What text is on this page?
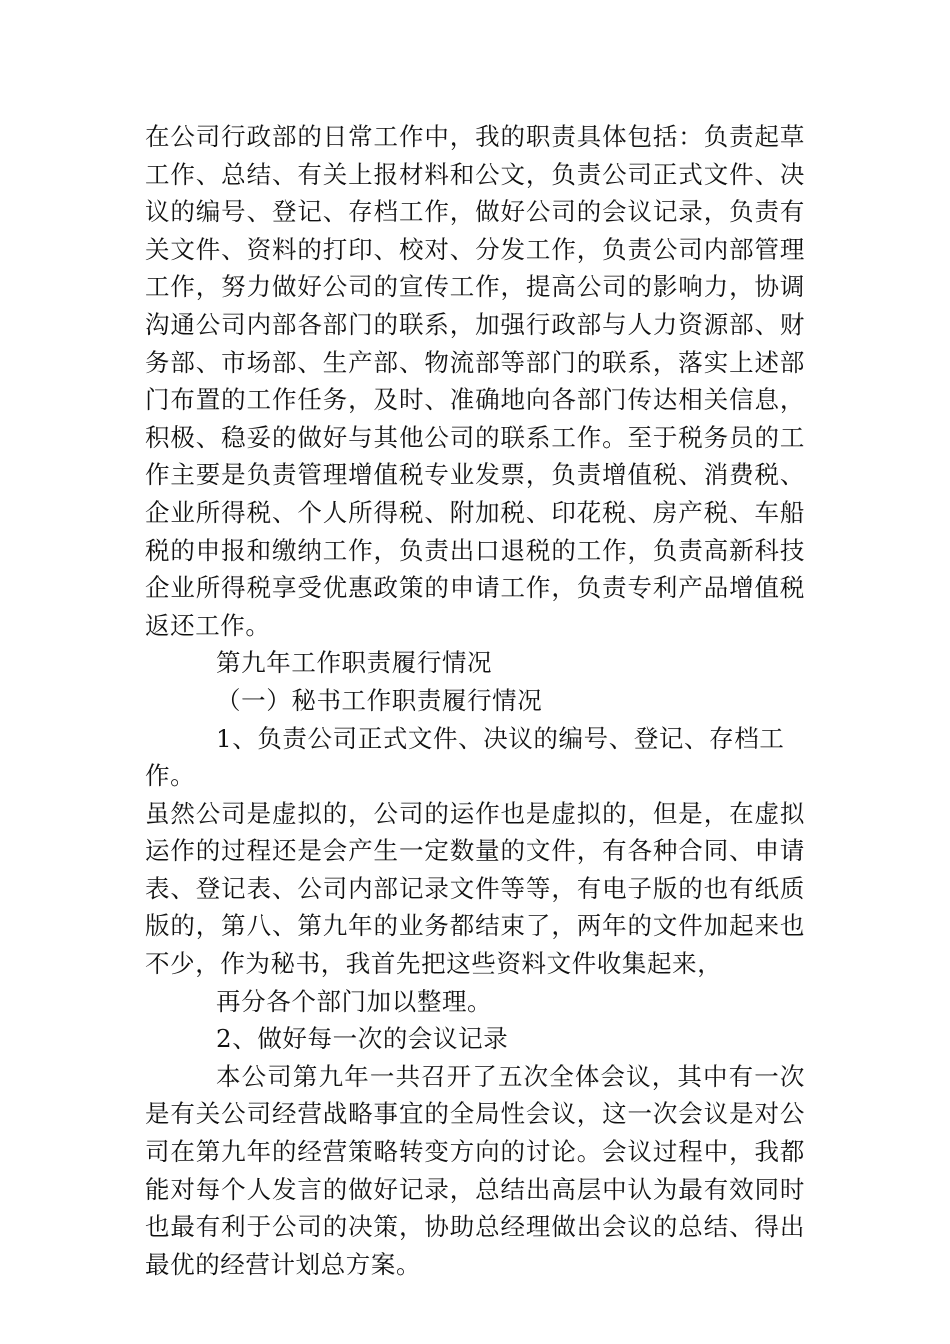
在公司行政部的日常工作中，我的职责具体包括：负责起草工作、总结、有关上报材料和公文，负责公司正式文件、决议的编号、登记、存档工作，做好公司的会议记录，负责有关文件、资料的打印、校对、分发工作，负责公司内部管理工作，努力做好公司的宣传工作，提高公司的影响力，协调沟通公司内部各部门的联系，加强行政部与人力资源部、财务部、市场部、生产部、物流部等部门的联系，落实上述部门布置的工作任务，及时、准确地向各部门传达相关信息，积极、稳妥的做好与其他公司的联系工作。至于税务员的工作主要是负责管理增值税专业发票，负责增值税、消费税、企业所得税、个人所得税、附加税、印花税、房产税、车船税的申报和缴纳工作，负责出口退税的工作，负责高新科技企业所得税享受优惠政策的申请工作，负责专利产品增值税返还工作。

第九年工作职责履行情况

（一）秘书工作职责履行情况

1、负责公司正式文件、决议的编号、登记、存档工作。

虽然公司是虚拟的，公司的运作也是虚拟的，但是，在虚拟运作的过程还是会产生一定数量的文件，有各种合同、申请表、登记表、公司内部记录文件等等，有电子版的也有纸质版的，第八、第九年的业务都结束了，两年的文件加起来也不少，作为秘书，我首先把这些资料文件收集起来，

再分各个部门加以整理。

2、做好每一次的会议记录

本公司第九年一共召开了五次全体会议，其中有一次是有关公司经营战略事宜的全局性会议，这一次会议是对公司在第九年的经营策略转变方向的讨论。会议过程中，我都能对每个人发言的做好记录，总结出高层中认为最有效同时也最有利于公司的决策，协助总经理做出会议的总结、得出最优的经营计划总方案。
